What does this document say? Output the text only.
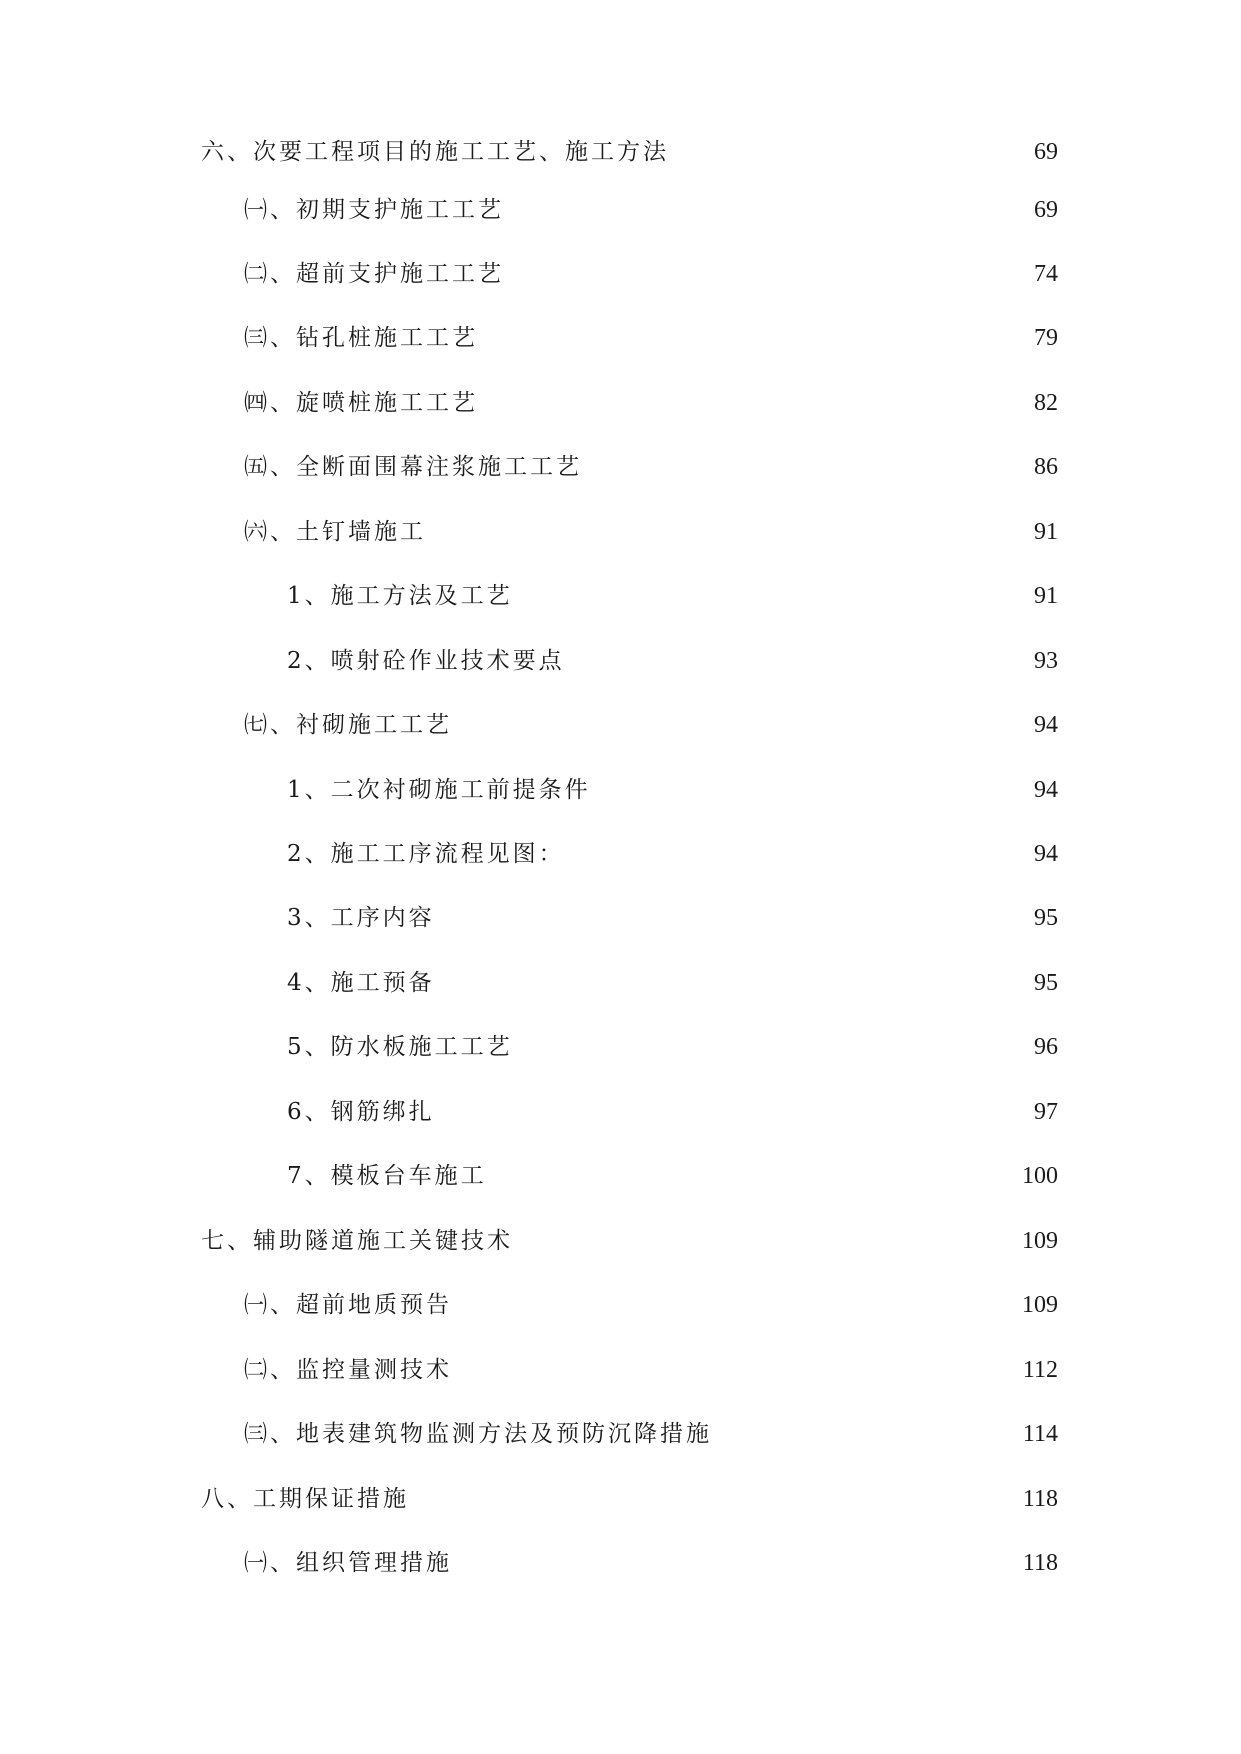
六、次要工程项目的施工工艺、施工方法	69
㈠、初期支护施工工艺	69
㈡、超前支护施工工艺	74
㈢、钻孔桩施工工艺	79
㈣、旋喷桩施工工艺	82
㈤、全断面围幕注浆施工工艺	86
㈥、土钉墙施工	91
1、施工方法及工艺	91
2、喷射砼作业技术要点	93
㈦、衬砌施工工艺	94
1、二次衬砌施工前提条件	94
2、施工工序流程见图：	94
3、工序内容	95
4、施工预备	95
5、防水板施工工艺	96
6、钢筋绑扎	97
7、模板台车施工	100
七、辅助隧道施工关键技术	109
㈠、超前地质预告	109
㈡、监控量测技术	112
㈢、地表建筑物监测方法及预防沉降措施	114
八、工期保证措施	118
㈠、组织管理措施	118
